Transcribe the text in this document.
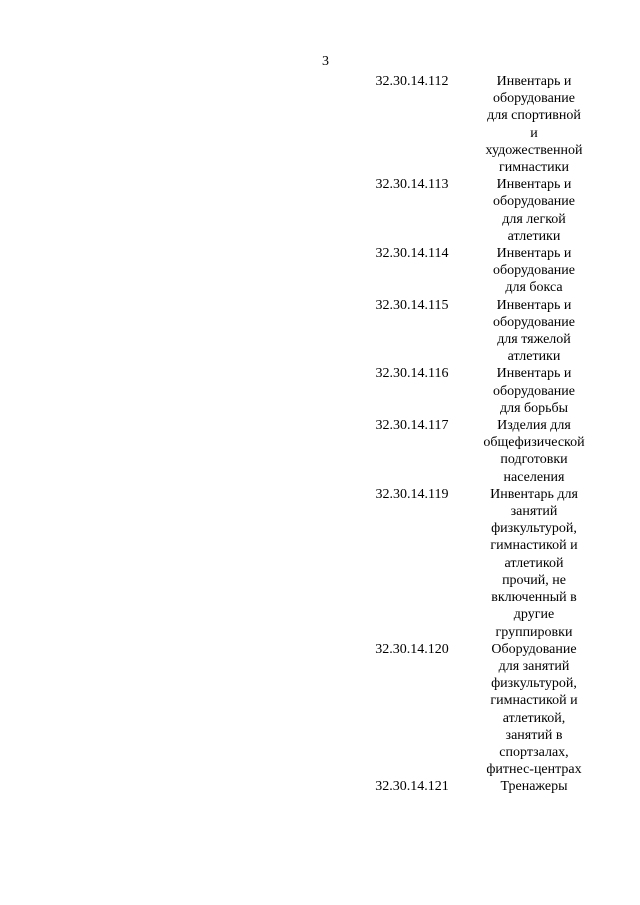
3
32.30.14.112	Инвентарь и
оборудование
для спортивной
и
художественной
гимнастики
32.30.14.113	Инвентарь и
оборудование
для легкой
атлетики
32.30.14.114	Инвентарь и
оборудование
для бокса
32.30.14.115	Инвентарь и
оборудование
для тяжелой
атлетики
32.30.14.116	Инвентарь и
оборудование
для борьбы
32.30.14.117	Изделия для
общефизической
подготовки
населения
32.30.14.119	Инвентарь для
занятий
физкультурой,
гимнастикой и
атлетикой
прочий, не
включенный в
другие
группировки
32.30.14.120	Оборудование
для занятий
физкультурой,
гимнастикой и
атлетикой,
занятий в
спортзалах,
фитнес-центрах
32.30.14.121	Тренажеры
